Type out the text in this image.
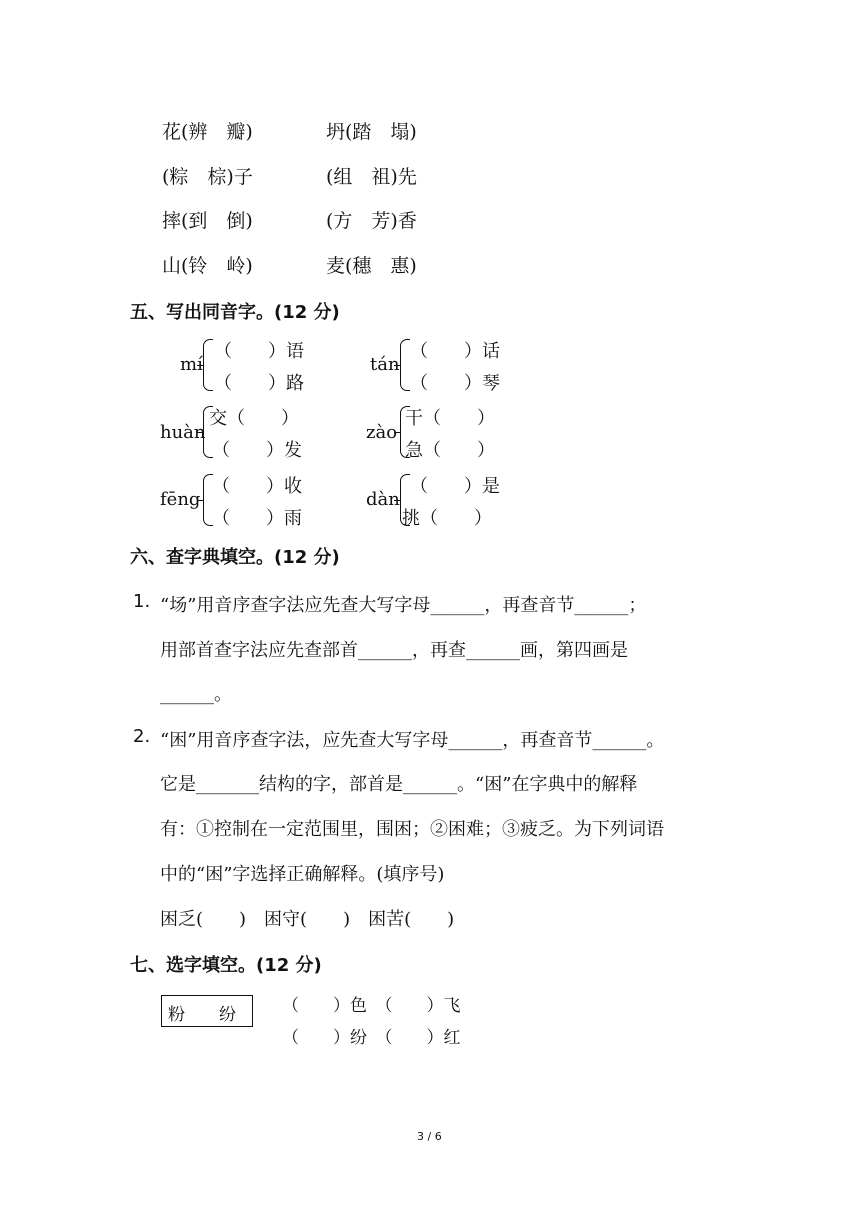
花(辨　瓣)	坍(踏　塌)
(粽　棕)子	(组　祖)先
摔(到　倒)	(方　芳)香
山(铃　岭)	麦(穗　惠)
五、写出同音字。(12 分)
mí
（　　）语
（　　）路
tán
（　　）话
（　　）琴
huàn
交（　　）
（　　）发
zào
干（　　）
急（　　）
fēng
（　　）收
（　　）雨
dàn
（　　）是
挑（　　）
六、查字典填空。(12 分)
1. “场”用音序查字法应先查大写字母______，再查音节______；
用部首查字法应先查部首______，再查______画，第四画是
______。
2. “困”用音序查字法，应先查大写字母______，再查音节______。
它是_______结构的字，部首是______。“困”在字典中的解释
有：①控制在一定范围里，围困；②困难；③疲乏。为下列词语
中的“困”字选择正确解释。(填序号)
困乏(　　)　困守(　　)　困苦(　　)
七、选字填空。(12 分)
粉　　纷	（　　）色　（　　）飞
（　　）纷　（　　）红
3 / 6
